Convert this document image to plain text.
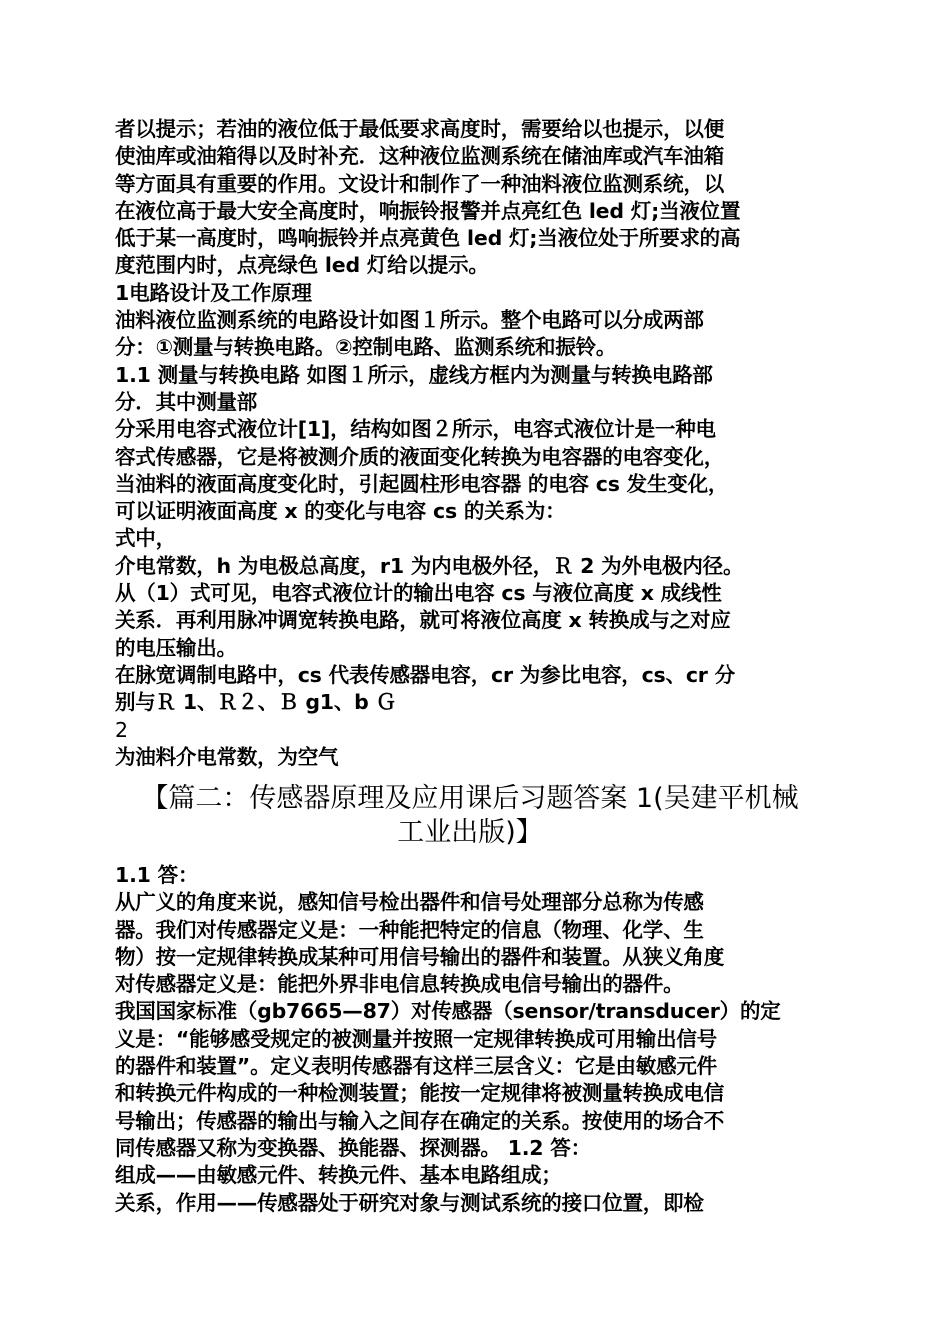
者以提示；若油的液位低于最低要求高度时，需要给以也提示，以便
使油库或油箱得以及时补充．这种液位监测系统在储油库或汽车油箱
等方面具有重要的作用。文设计和制作了一种油料液位监测系统，以
在液位高于最大安全高度时，响振铃报警并点亮红色 led 灯;当液位置
低于某一高度时，鸣响振铃并点亮黄色 led 灯;当液位处于所要求的高
度范围内时，点亮绿色 led 灯给以提示。
1电路设计及工作原理
油料液位监测系统的电路设计如图１所示。整个电路可以分成两部
分：①测量与转换电路。②控制电路、监测系统和振铃。
1.1 测量与转换电路 如图１所示，虚线方框内为测量与转换电路部
分．其中测量部
分采用电容式液位计[1]，结构如图２所示，电容式液位计是一种电
容式传感器，它是将被测介质的液面变化转换为电容器的电容变化，
当油料的液面高度变化时，引起圆柱形电容器 的电容 cs 发生变化，
可以证明液面高度 x 的变化与电容 cs 的关系为：
式中，
介电常数，h 为电极总高度，r1 为内电极外径，Ｒ 2 为外电极内径。
从（1）式可见，电容式液位计的输出电容 cs 与液位高度 x 成线性
关系．再利用脉冲调宽转换电路，就可将液位高度 x 转换成与之对应
的电压输出。
在脉宽调制电路中，cs 代表传感器电容，cr 为参比电容，cs、cr 分
别与Ｒ 1、Ｒ２、Ｂ g1、b Ｇ
2
为油料介电常数，为空气
【篇二：传感器原理及应用课后习题答案 1(吴建平机械
工业出版)】
1.1 答：
从广义的角度来说，感知信号检出器件和信号处理部分总称为传感
器。我们对传感器定义是：一种能把特定的信息（物理、化学、生
物）按一定规律转换成某种可用信号输出的器件和装置。从狭义角度
对传感器定义是：能把外界非电信息转换成电信号输出的器件。
我国国家标准（gb7665—87）对传感器（sensor/transducer）的定
义是：“能够感受规定的被测量并按照一定规律转换成可用输出信号
的器件和装置”。定义表明传感器有这样三层含义：它是由敏感元件
和转换元件构成的一种检测装置；能按一定规律将被测量转换成电信
号输出；传感器的输出与输入之间存在确定的关系。按使用的场合不
同传感器又称为变换器、换能器、探测器。 1.2 答：
组成——由敏感元件、转换元件、基本电路组成；
关系，作用——传感器处于研究对象与测试系统的接口位置，即检
